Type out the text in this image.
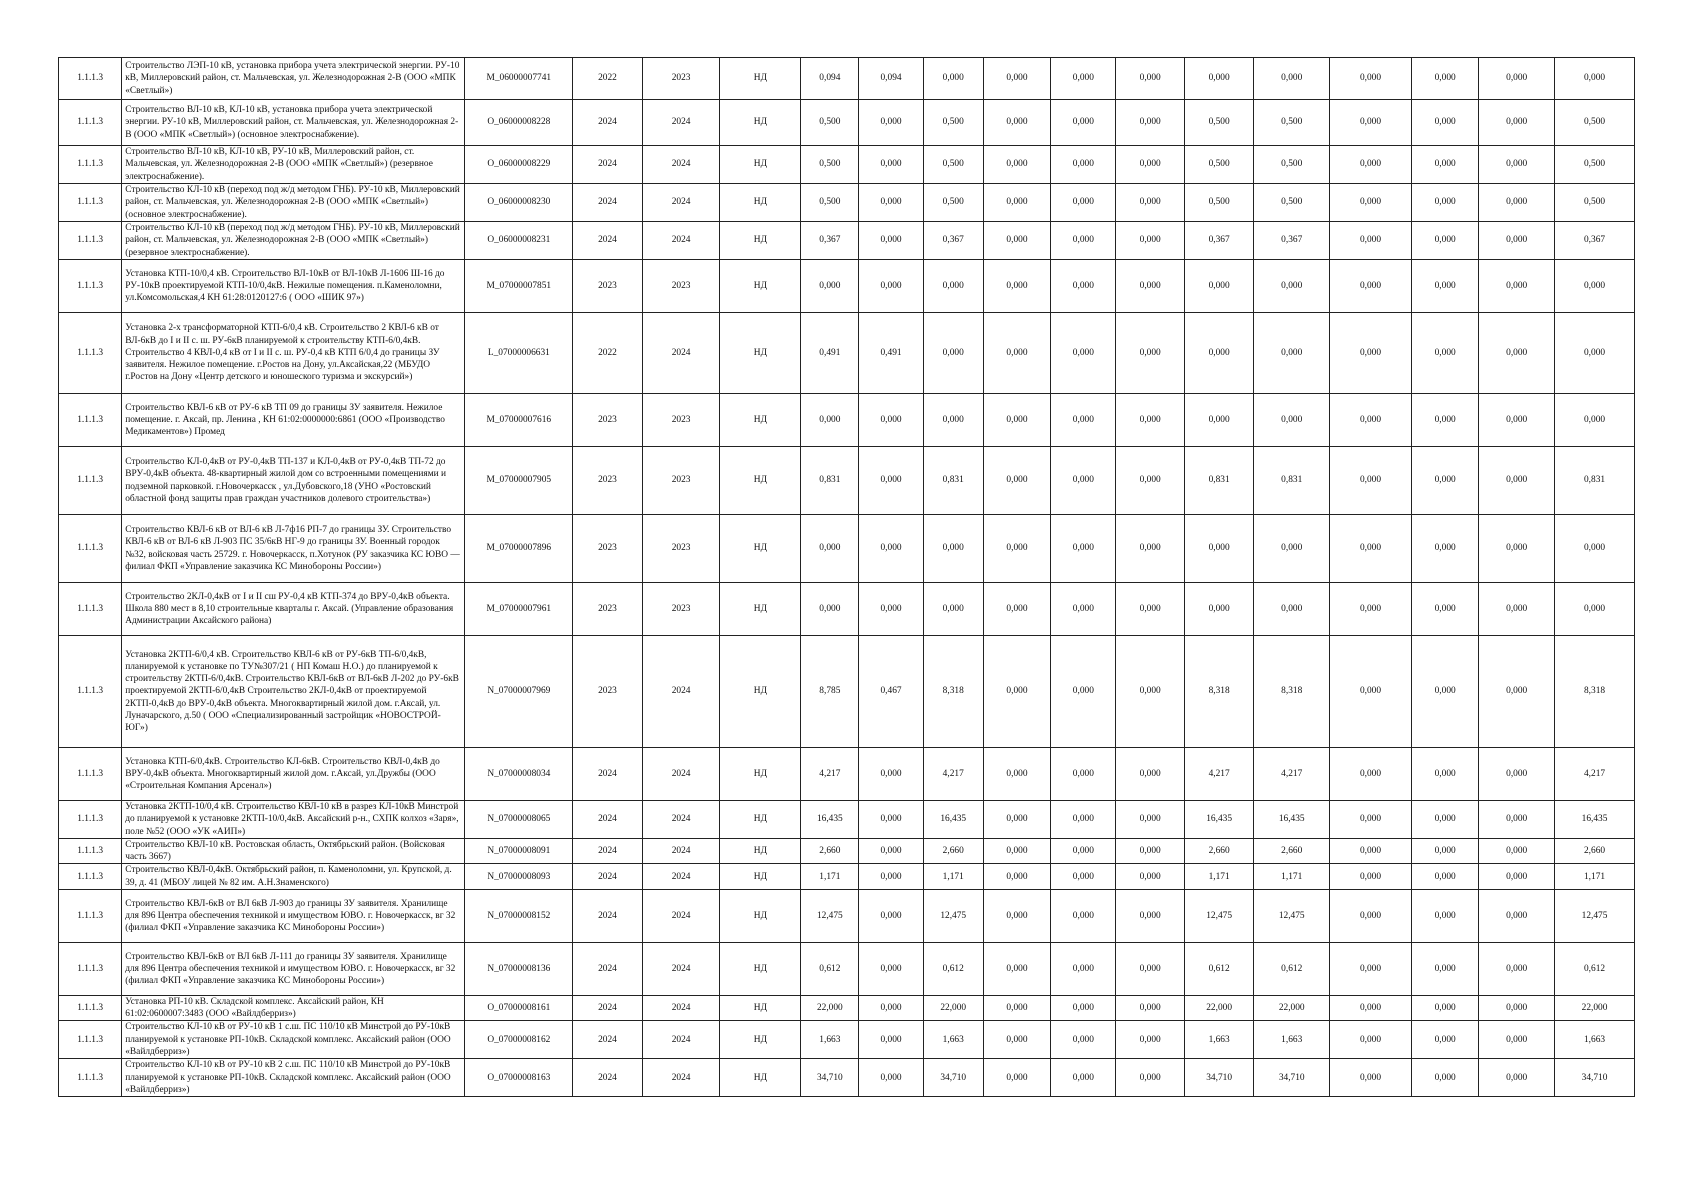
1.1.1.3	Строительство ЛЭП-10 кВ, установка прибора учета электрической энергии. РУ-10 кВ, Миллеровский район, ст. Мальчевская, ул. Железнодорожная 2-В (ООО «МПК «Светлый»)	M_06000007741	2022	2023	НД	0,094	0,094	0,000	0,000	0,000	0,000	0,000	0,000	0,000	0,000	0,000	0,000
1.1.1.3	Строительство ВЛ-10 кВ, КЛ-10 кВ, установка прибора учета электрической энергии. РУ-10 кВ, Миллеровский район, ст. Мальчевская, ул. Железнодорожная 2-В (ООО «МПК «Светлый») (основное электроснабжение).	O_06000008228	2024	2024	НД	0,500	0,000	0,500	0,000	0,000	0,000	0,500	0,500	0,000	0,000	0,000	0,500
1.1.1.3	Строительство ВЛ-10 кВ, КЛ-10 кВ, РУ-10 кВ, Миллеровский район, ст. Мальчевская, ул. Железнодорожная 2-В (ООО «МПК «Светлый») (резервное электроснабжение).	O_06000008229	2024	2024	НД	0,500	0,000	0,500	0,000	0,000	0,000	0,500	0,500	0,000	0,000	0,000	0,500
1.1.1.3	Строительство КЛ-10 кВ (переход под ж/д методом ГНБ). РУ-10 кВ, Миллеровский район, ст. Мальчевская, ул. Железнодорожная 2-В (ООО «МПК «Светлый») (основное электроснабжение).	O_06000008230	2024	2024	НД	0,500	0,000	0,500	0,000	0,000	0,000	0,500	0,500	0,000	0,000	0,000	0,500
1.1.1.3	Строительство КЛ-10 кВ (переход под ж/д методом ГНБ). РУ-10 кВ, Миллеровский район, ст. Мальчевская, ул. Железнодорожная 2-В (ООО «МПК «Светлый») (резервное электроснабжение).	O_06000008231	2024	2024	НД	0,367	0,000	0,367	0,000	0,000	0,000	0,367	0,367	0,000	0,000	0,000	0,367
1.1.1.3	Установка КТП-10/0,4 кВ. Строительство ВЛ-10кВ от ВЛ-10кВ Л-1606 Ш-16 до РУ-10кВ проектируемой КТП-10/0,4кВ. Нежилые помещения. п.Каменоломни, ул.Комсомольская,4 КН 61:28:0120127:6 ( ООО «ШИК 97»)	M_07000007851	2023	2023	НД	0,000	0,000	0,000	0,000	0,000	0,000	0,000	0,000	0,000	0,000	0,000	0,000
1.1.1.3	Установка 2-х трансформаторной КТП-6/0,4 кВ. Строительство 2 КВЛ-6 кВ от ВЛ-6кВ до I и II с. ш. РУ-6кВ планируемой к строительству КТП-6/0,4кВ. Строительство 4 КВЛ-0,4 кВ от I и II с. ш. РУ-0,4 кВ КТП 6/0,4 до границы ЗУ заявителя. Нежилое помещение. г.Ростов на Дону, ул.Аксайская,22 (МБУДО г.Ростов на Дону «Центр детского и юношеского туризма и экскурсий»)	L_07000006631	2022	2024	НД	0,491	0,491	0,000	0,000	0,000	0,000	0,000	0,000	0,000	0,000	0,000	0,000
1.1.1.3	Строительство КВЛ-6 кВ от РУ-6 кВ ТП 09 до границы ЗУ заявителя. Нежилое помещение. г. Аксай, пр. Ленина , КН 61:02:0000000:6861 (ООО «Производство Медикаментов») Промед	M_07000007616	2023	2023	НД	0,000	0,000	0,000	0,000	0,000	0,000	0,000	0,000	0,000	0,000	0,000	0,000
1.1.1.3	Строительство КЛ-0,4кВ от РУ-0,4кВ ТП-137 и КЛ-0,4кВ от РУ-0,4кВ ТП-72 до ВРУ-0,4кВ объекта. 48-квартирный жилой дом со встроенными помещениями и подземной парковкой. г.Новочеркасск , ул.Дубовского,18 (УНО «Ростовский областной фонд защиты прав граждан участников долевого строительства»)	M_07000007905	2023	2023	НД	0,831	0,000	0,831	0,000	0,000	0,000	0,831	0,831	0,000	0,000	0,000	0,831
1.1.1.3	Строительство КВЛ-6 кВ от ВЛ-6 кВ Л-7ф16 РП-7 до границы ЗУ. Строительство КВЛ-6 кВ от ВЛ-6 кВ Л-903 ПС 35/6кВ НГ-9 до границы ЗУ. Военный городок №32, войсковая часть 25729. г. Новочеркасск, п.Хотунок (РУ заказчика КС ЮВО — филиал ФКП «Управление заказчика КС Минобороны России»)	M_07000007896	2023	2023	НД	0,000	0,000	0,000	0,000	0,000	0,000	0,000	0,000	0,000	0,000	0,000	0,000
1.1.1.3	Строительство 2КЛ-0,4кВ от I и II сш РУ-0,4 кВ КТП-374 до ВРУ-0,4кВ объекта. Школа 880 мест в 8,10 строительные кварталы г. Аксай. (Управление образования Администрации Аксайского района)	M_07000007961	2023	2023	НД	0,000	0,000	0,000	0,000	0,000	0,000	0,000	0,000	0,000	0,000	0,000	0,000
1.1.1.3	Установка 2КТП-6/0,4 кВ. Строительство КВЛ-6 кВ от РУ-6кВ ТП-6/0,4кВ, планируемой к установке по ТУ№307/21 ( НП Комаш Н.О.) до планируемой к строительству 2КТП-6/0,4кВ. Строительство КВЛ-6кВ от ВЛ-6кВ Л-202 до РУ-6кВ проектируемой 2КТП-6/0,4кВ Строительство 2КЛ-0,4кВ от проектируемой 2КТП-0,4кВ до ВРУ-0,4кВ объекта. Многоквартирный жилой дом. г.Аксай, ул. Луначарского, д.50 ( ООО «Специализированный застройщик «НОВОСТРОЙ-ЮГ»)	N_07000007969	2023	2024	НД	8,785	0,467	8,318	0,000	0,000	0,000	8,318	8,318	0,000	0,000	0,000	8,318
1.1.1.3	Установка КТП-6/0,4кВ. Строительство КЛ-6кВ. Строительство КВЛ-0,4кВ до ВРУ-0,4кВ объекта. Многоквартирный жилой дом. г.Аксай, ул.Дружбы (ООО «Строительная Компания Арсенал»)	N_07000008034	2024	2024	НД	4,217	0,000	4,217	0,000	0,000	0,000	4,217	4,217	0,000	0,000	0,000	4,217
1.1.1.3	Установка 2КТП-10/0,4 кВ. Строительство КВЛ-10 кВ в разрез КЛ-10кВ Минстрой до планируемой к установке 2КТП-10/0,4кВ. Аксайский р-н., СХПК колхоз «Заря», поле №52 (ООО «УК «АИП»)	N_07000008065	2024	2024	НД	16,435	0,000	16,435	0,000	0,000	0,000	16,435	16,435	0,000	0,000	0,000	16,435
1.1.1.3	Строительство КВЛ-10 кВ. Ростовская область, Октябрьский район. (Войсковая часть 3667)	N_07000008091	2024	2024	НД	2,660	0,000	2,660	0,000	0,000	0,000	2,660	2,660	0,000	0,000	0,000	2,660
1.1.1.3	Строительство КВЛ-0,4кВ. Октябрьский район, п. Каменоломни, ул. Крупской, д. 39, д. 41 (МБОУ лицей № 82 им. А.Н.Знаменского)	N_07000008093	2024	2024	НД	1,171	0,000	1,171	0,000	0,000	0,000	1,171	1,171	0,000	0,000	0,000	1,171
1.1.1.3	Строительство КВЛ-6кВ от ВЛ 6кВ Л-903 до границы ЗУ заявителя. Хранилище для 896 Центра обеспечения техникой и имуществом ЮВО. г. Новочеркасск, вг 32 (филиал ФКП «Управление заказчика КС Минобороны России»)	N_07000008152	2024	2024	НД	12,475	0,000	12,475	0,000	0,000	0,000	12,475	12,475	0,000	0,000	0,000	12,475
1.1.1.3	Строительство КВЛ-6кВ от ВЛ 6кВ Л-111 до границы ЗУ заявителя. Хранилище для 896 Центра обеспечения техникой и имуществом ЮВО. г. Новочеркасск, вг 32 (филиал ФКП «Управление заказчика КС Минобороны России»)	N_07000008136	2024	2024	НД	0,612	0,000	0,612	0,000	0,000	0,000	0,612	0,612	0,000	0,000	0,000	0,612
1.1.1.3	Установка РП-10 кВ. Складской комплекс. Аксайский район, КН 61:02:0600007:3483 (ООО «Вайлдберриз»)	O_07000008161	2024	2024	НД	22,000	0,000	22,000	0,000	0,000	0,000	22,000	22,000	0,000	0,000	0,000	22,000
1.1.1.3	Строительство КЛ-10 кВ от РУ-10 кВ 1 с.ш. ПС 110/10 кВ Минстрой до РУ-10кВ планируемой к установке РП-10кВ. Складской комплекс. Аксайский район (ООО «Вайлдберриз»)	O_07000008162	2024	2024	НД	1,663	0,000	1,663	0,000	0,000	0,000	1,663	1,663	0,000	0,000	0,000	1,663
1.1.1.3	Строительство КЛ-10 кВ от РУ-10 кВ 2 с.ш. ПС 110/10 кВ Минстрой до РУ-10кВ планируемой к установке РП-10кВ. Складской комплекс. Аксайский район (ООО «Вайлдберриз»)	O_07000008163	2024	2024	НД	34,710	0,000	34,710	0,000	0,000	0,000	34,710	34,710	0,000	0,000	0,000	34,710
